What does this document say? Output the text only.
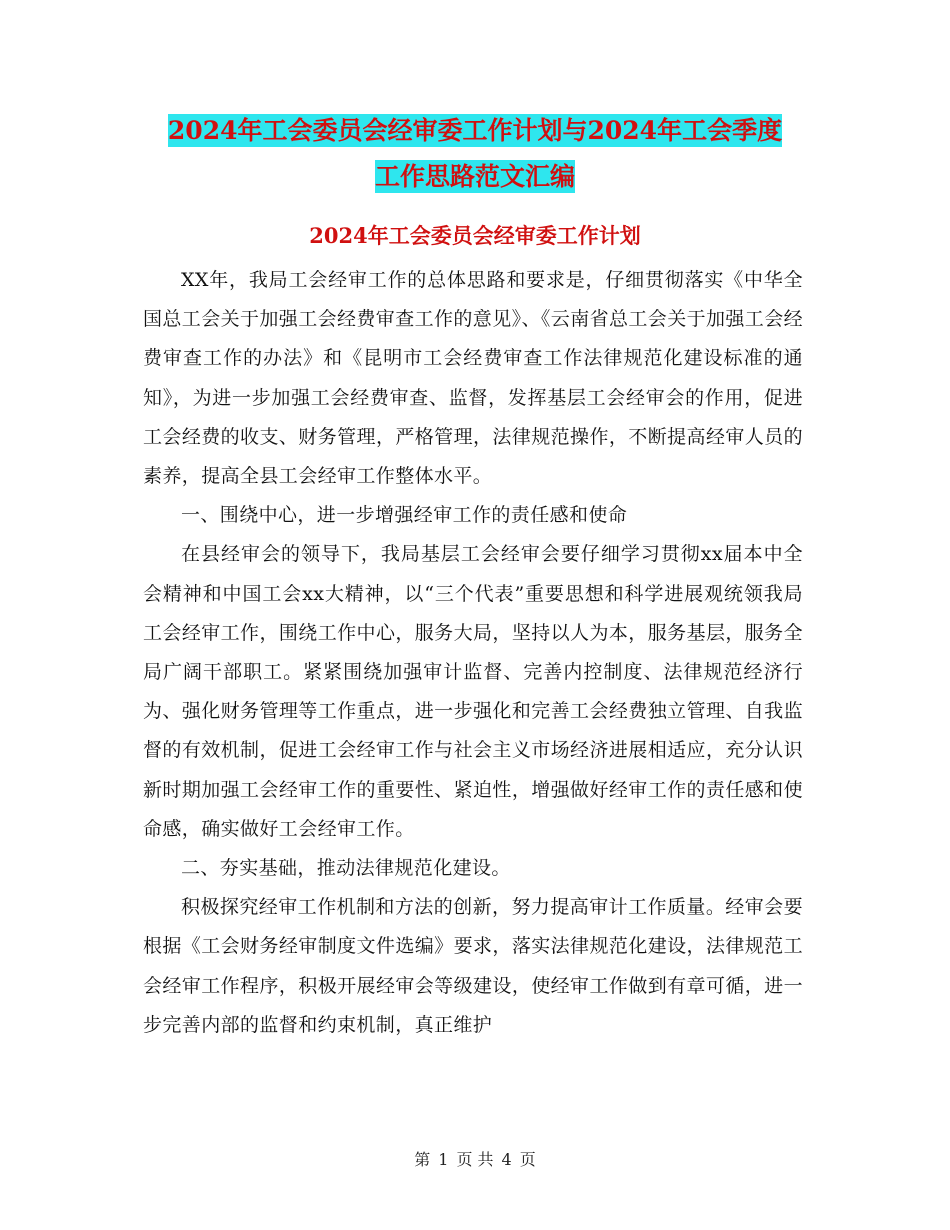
2024年工会委员会经审委工作计划与2024年工会季度
工作思路范文汇编
2024年工会委员会经审委工作计划

XX年，我局工会经审工作的总体思路和要求是，仔细贯彻落实《中华全国总工会关于加强工会经费审查工作的意见》、《云南省总工会关于加强工会经费审查工作的办法》和《昆明市工会经费审查工作法律规范化建设标准的通知》，为进一步加强工会经费审查、监督，发挥基层工会经审会的作用，促进工会经费的收支、财务管理，严格管理，法律规范操作，不断提高经审人员的素养，提高全县工会经审工作整体水平。

一、围绕中心，进一步增强经审工作的责任感和使命

在县经审会的领导下，我局基层工会经审会要仔细学习贯彻xx届本中全会精神和中国工会xx大精神，以“三个代表”重要思想和科学进展观统领我局工会经审工作，围绕工作中心，服务大局，坚持以人为本，服务基层，服务全局广阔干部职工。紧紧围绕加强审计监督、完善内控制度、法律规范经济行为、强化财务管理等工作重点，进一步强化和完善工会经费独立管理、自我监督的有效机制，促进工会经审工作与社会主义市场经济进展相适应，充分认识新时期加强工会经审工作的重要性、紧迫性，增强做好经审工作的责任感和使命感，确实做好工会经审工作。

二、夯实基础，推动法律规范化建设。

积极探究经审工作机制和方法的创新，努力提高审计工作质量。经审会要根据《工会财务经审制度文件选编》要求，落实法律规范化建设，法律规范工会经审工作程序，积极开展经审会等级建设，使经审工作做到有章可循，进一步完善内部的监督和约束机制，真正维护

第 1 页 共 4 页
